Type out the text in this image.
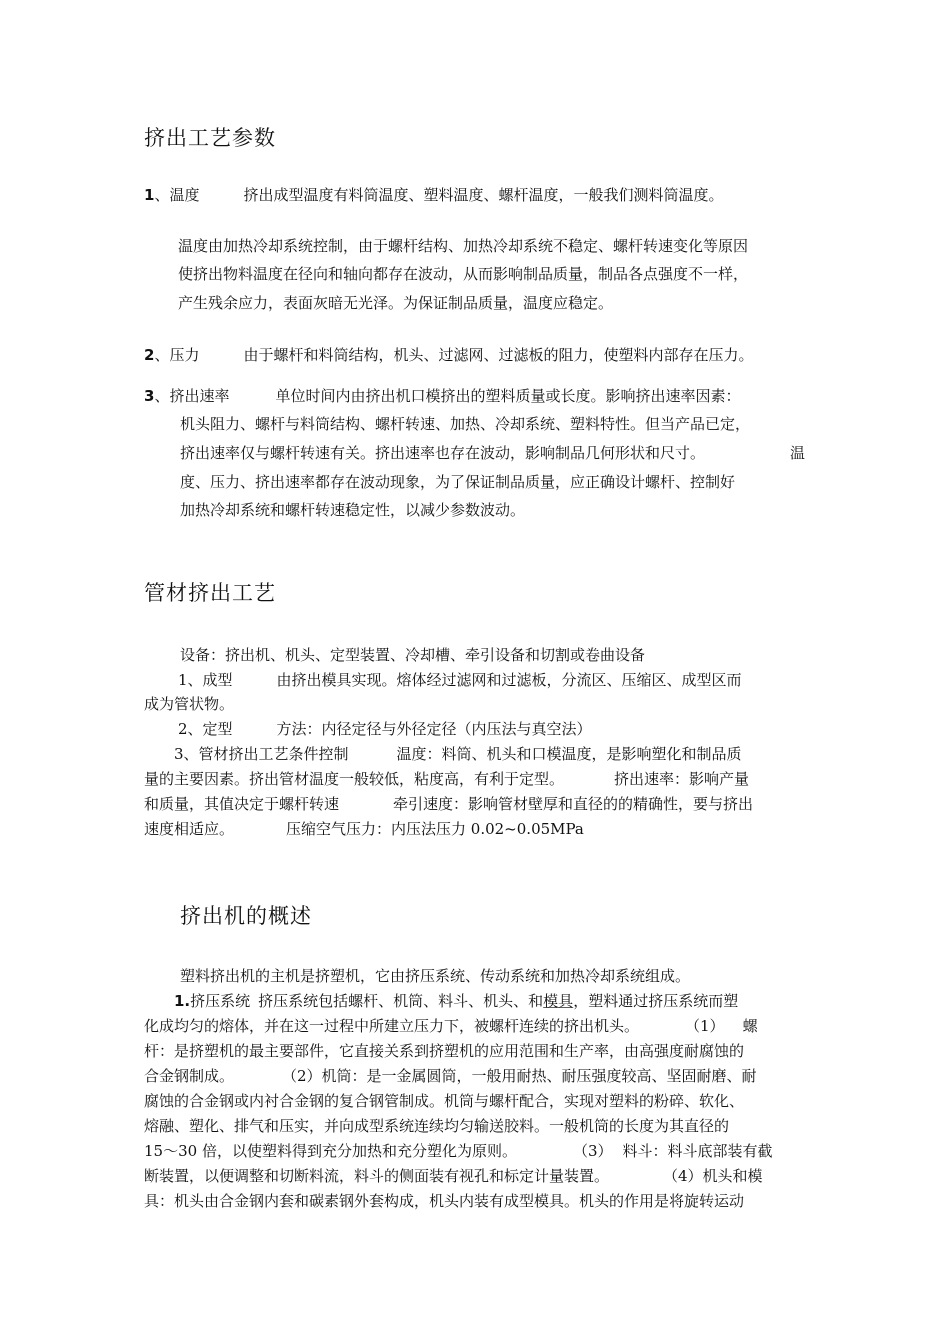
挤出工艺参数
1、温度	挤出成型温度有料筒温度、塑料温度、螺杆温度，一般我们测料筒温度。
温度由加热冷却系统控制，由于螺杆结构、加热冷却系统不稳定、螺杆转速变化等原因
使挤出物料温度在径向和轴向都存在波动，从而影响制品质量，制品各点强度不一样，
产生残余应力，表面灰暗无光泽。为保证制品质量，温度应稳定。
2、压力	由于螺杆和料筒结构，机头、过滤网、过滤板的阻力，使塑料内部存在压力。
3、挤出速率	单位时间内由挤出机口模挤出的塑料质量或长度。影响挤出速率因素：
机头阻力、螺杆与料筒结构、螺杆转速、加热、冷却系统、塑料特性。但当产品已定，
挤出速率仅与螺杆转速有关。挤出速率也存在波动，影响制品几何形状和尺寸。	温
度、压力、挤出速率都存在波动现象，为了保证制品质量，应正确设计螺杆、控制好
加热冷却系统和螺杆转速稳定性，以减少参数波动。
管材挤出工艺
设备：挤出机、机头、定型装置、冷却槽、牵引设备和切割或卷曲设备
1、成型	由挤出模具实现。熔体经过滤网和过滤板，分流区、压缩区、成型区而
成为管状物。
2、定型	方法：内径定径与外径定径（内压法与真空法）
3、管材挤出工艺条件控制	温度：料筒、机头和口模温度，是影响塑化和制品质
量的主要因素。挤出管材温度一般较低，粘度高，有利于定型。	挤出速率：影响产量
和质量，其值决定于螺杆转速	牵引速度：影响管材壁厚和直径的的精确性，要与挤出
速度相适应。	压缩空气压力：内压法压力 0.02~0.05MPa
挤出机的概述
塑料挤出机的主机是挤塑机，它由挤压系统、传动系统和加热冷却系统组成。
1.挤压系统 挤压系统包括螺杆、机筒、料斗、机头、和模具，塑料通过挤压系统而塑
化成均匀的熔体，并在这一过程中所建立压力下，被螺杆连续的挤出机头。	（1） 螺
杆：是挤塑机的最主要部件，它直接关系到挤塑机的应用范围和生产率，由高强度耐腐蚀的
合金钢制成。	（2）机筒：是一金属圆筒，一般用耐热、耐压强度较高、坚固耐磨、耐
腐蚀的合金钢或内衬合金钢的复合钢管制成。机筒与螺杆配合，实现对塑料的粉碎、软化、
熔融、塑化、排气和压实，并向成型系统连续均匀输送胶料。一般机筒的长度为其直径的
15～30 倍，以使塑料得到充分加热和充分塑化为原则。	（3） 料斗：料斗底部装有截
断装置，以便调整和切断料流，料斗的侧面装有视孔和标定计量装置。	（4）机头和模
具：机头由合金钢内套和碳素钢外套构成，机头内装有成型模具。机头的作用是将旋转运动
